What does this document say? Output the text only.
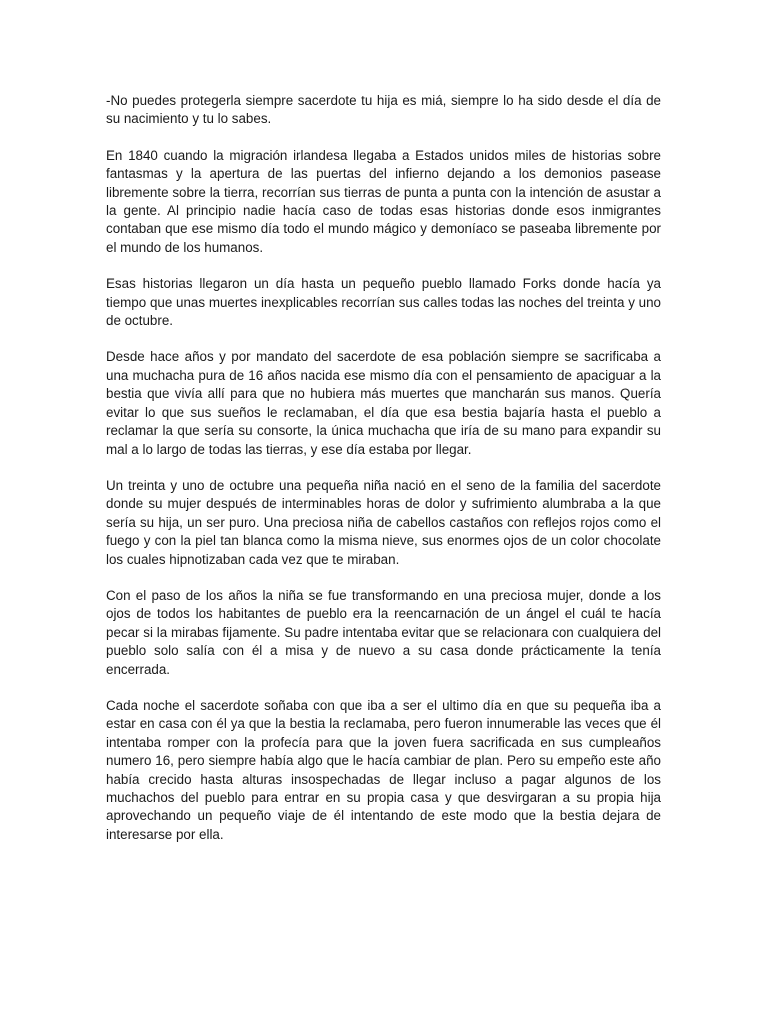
-No puedes protegerla siempre sacerdote tu hija es miá, siempre lo ha sido desde el día de su nacimiento y tu lo sabes.

En 1840 cuando la migración irlandesa llegaba a Estados unidos miles de historias sobre fantasmas y la apertura de las puertas del infierno dejando a los demonios pasease libremente sobre la tierra, recorrían sus tierras de punta a punta con la intención de asustar a la gente. Al principio nadie hacía caso de todas esas historias donde esos inmigrantes contaban que ese mismo día todo el mundo mágico y demoníaco se paseaba libremente por el mundo de los humanos.

Esas historias llegaron un día hasta un pequeño pueblo llamado Forks donde hacía ya tiempo que unas muertes inexplicables recorrían sus calles todas las noches del treinta y uno de octubre.

Desde hace años y por mandato del sacerdote de esa población siempre se sacrificaba a una muchacha pura de 16 años nacida ese mismo día con el pensamiento de apaciguar a la bestia que vivía allí para que no hubiera más muertes que mancharán sus manos. Quería evitar lo que sus sueños le reclamaban, el día que esa bestia bajaría hasta el pueblo a reclamar la que sería su consorte, la única muchacha que iría de su mano para expandir su mal a lo largo de todas las tierras, y ese día estaba por llegar.

Un treinta y uno de octubre una pequeña niña nació en el seno de la familia del sacerdote donde su mujer después de interminables horas de dolor y sufrimiento alumbraba a la que sería su hija, un ser puro. Una preciosa niña de cabellos castaños con reflejos rojos como el fuego y con la piel tan blanca como la misma nieve, sus enormes ojos de un color chocolate los cuales hipnotizaban cada vez que te miraban.

Con el paso de los años la niña se fue transformando en una preciosa mujer, donde a los ojos de todos los habitantes de pueblo era la reencarnación de un ángel el cuál te hacía pecar si la mirabas fijamente. Su padre intentaba evitar que se relacionara con cualquiera del pueblo solo salía con él a misa y de nuevo a su casa donde prácticamente la tenía encerrada.

Cada noche el sacerdote soñaba con que iba a ser el ultimo día en que su pequeña iba a estar en casa con él ya que la bestia la reclamaba, pero fueron innumerable las veces que él intentaba romper con la profecía para que la joven fuera sacrificada en sus cumpleaños numero 16, pero siempre había algo que le hacía cambiar de plan. Pero su empeño este año había crecido hasta alturas insospechadas de llegar incluso a pagar algunos de los muchachos del pueblo para entrar en su propia casa y que desvirgaran a su propia hija aprovechando un pequeño viaje de él intentando de este modo que la bestia dejara de interesarse por ella.
